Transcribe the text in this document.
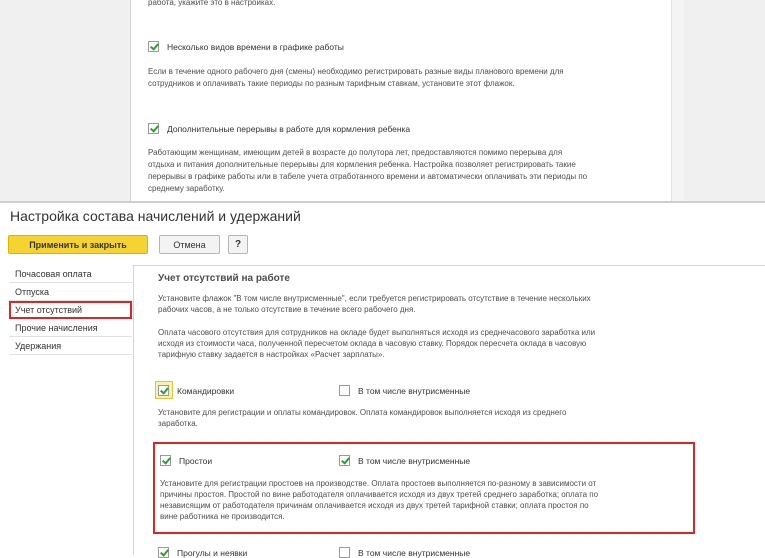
работа, укажите это в настройках.
Несколько видов времени в графике работы
Если в течение одного рабочего дня (смены) необходимо регистрировать разные виды планового времени для
сотрудников и оплачивать такие периоды по разным тарифным ставкам, установите этот флажок.
Дополнительные перерывы в работе для кормления ребенка
Работающим женщинам, имеющим детей в возрасте до полутора лет, предоставляются помимо перерыва для
отдыха и питания дополнительные перерывы для кормления ребенка. Настройка позволяет регистрировать такие
перерывы в графике работы или в табеле учета отработанного времени и автоматически оплачивать эти периоды по
среднему заработку.
Настройка состава начислений и удержаний
Применить и закрыть	Отмена	?
Почасовая оплата
Отпуска
Учет отсутствий
Прочие начисления
Удержания
Учет отсутствий на работе
Установите флажок "В том числе внутрисменные", если требуется регистрировать отсутствие в течение нескольких
рабочих часов, а не только отсутствие в течение всего рабочего дня.
Оплата часового отсутствия для сотрудников на окладе будет выполняться исходя из среднечасового заработка или
исходя из стоимости часа, полученной пересчетом оклада в часовую ставку. Порядок пересчета оклада в часовую
тарифную ставку задается в настройках «Расчет зарплаты».
Командировки	В том числе внутрисменные
Установите для регистрации и оплаты командировок. Оплата командировок выполняется исходя из среднего
заработка.
Простои	В том числе внутрисменные
Установите для регистрации простоев на производстве. Оплата простоев выполняется по-разному в зависимости от
причины простоя. Простой по вине работодателя оплачивается исходя из двух третей среднего заработка; оплата по
независящим от работодателя причинам оплачивается исходя из двух третей тарифной ставки; оплата простоя по
вине работника не производится.
Прогулы и неявки	В том числе внутрисменные
